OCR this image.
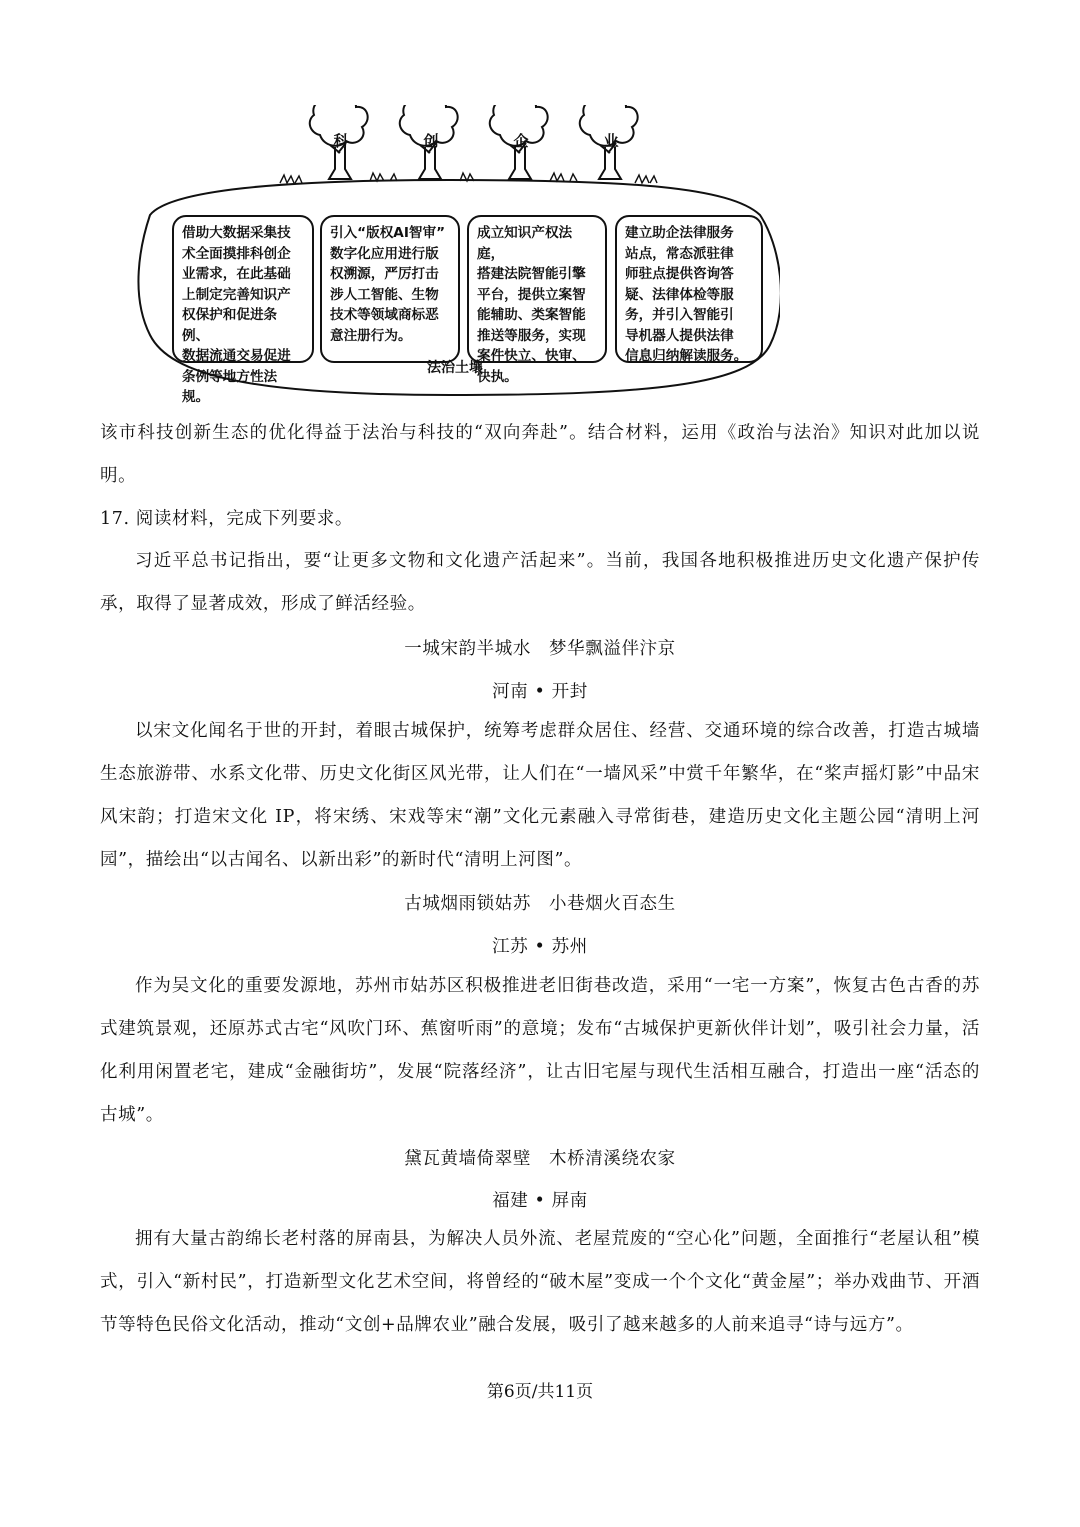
科	创	企	业
借助大数据采集技
术全面摸排科创企
业需求，在此基础
上制定完善知识产
权保护和促进条例、
数据流通交易促进
条例等地方性法规。
引入“版权AI智审”
数字化应用进行版
权溯源，严厉打击
涉人工智能、生物
技术等领域商标恶
意注册行为。
成立知识产权法庭，
搭建法院智能引擎
平台，提供立案智
能辅助、类案智能
推送等服务，实现
案件快立、快审、
快执。
建立助企法律服务
站点，常态派驻律
师驻点提供咨询答
疑、法律体检等服
务，并引入智能引
导机器人提供法律
信息归纳解读服务。
法治土壤
该市科技创新生态的优化得益于法治与科技的“双向奔赴”。结合材料，运用《政治与法治》知识对此加以说明。
17. 阅读材料，完成下列要求。
习近平总书记指出，要“让更多文物和文化遗产活起来”。当前，我国各地积极推进历史文化遗产保护传承，取得了显著成效，形成了鲜活经验。
一城宋韵半城水　梦华飘溢伴汴京
河南 • 开封
以宋文化闻名于世的开封，着眼古城保护，统筹考虑群众居住、经营、交通环境的综合改善，打造古城墙生态旅游带、水系文化带、历史文化街区风光带，让人们在“一墙风采”中赏千年繁华，在“桨声摇灯影”中品宋风宋韵；打造宋文化 IP，将宋绣、宋戏等宋“潮”文化元素融入寻常街巷，建造历史文化主题公园“清明上河园”，描绘出“以古闻名、以新出彩”的新时代“清明上河图”。
古城烟雨锁姑苏　小巷烟火百态生
江苏 • 苏州
作为吴文化的重要发源地，苏州市姑苏区积极推进老旧街巷改造，采用“一宅一方案”，恢复古色古香的苏式建筑景观，还原苏式古宅“风吹门环、蕉窗听雨”的意境；发布“古城保护更新伙伴计划”，吸引社会力量，活化利用闲置老宅，建成“金融街坊”，发展“院落经济”，让古旧宅屋与现代生活相互融合，打造出一座“活态的古城”。
黛瓦黄墙倚翠壁　木桥清溪绕农家
福建 • 屏南
拥有大量古韵绵长老村落的屏南县，为解决人员外流、老屋荒废的“空心化”问题，全面推行“老屋认租”模式，引入“新村民”，打造新型文化艺术空间，将曾经的“破木屋”变成一个个文化“黄金屋”；举办戏曲节、开酒节等特色民俗文化活动，推动“文创+品牌农业”融合发展，吸引了越来越多的人前来追寻“诗与远方”。
第6页/共11页
